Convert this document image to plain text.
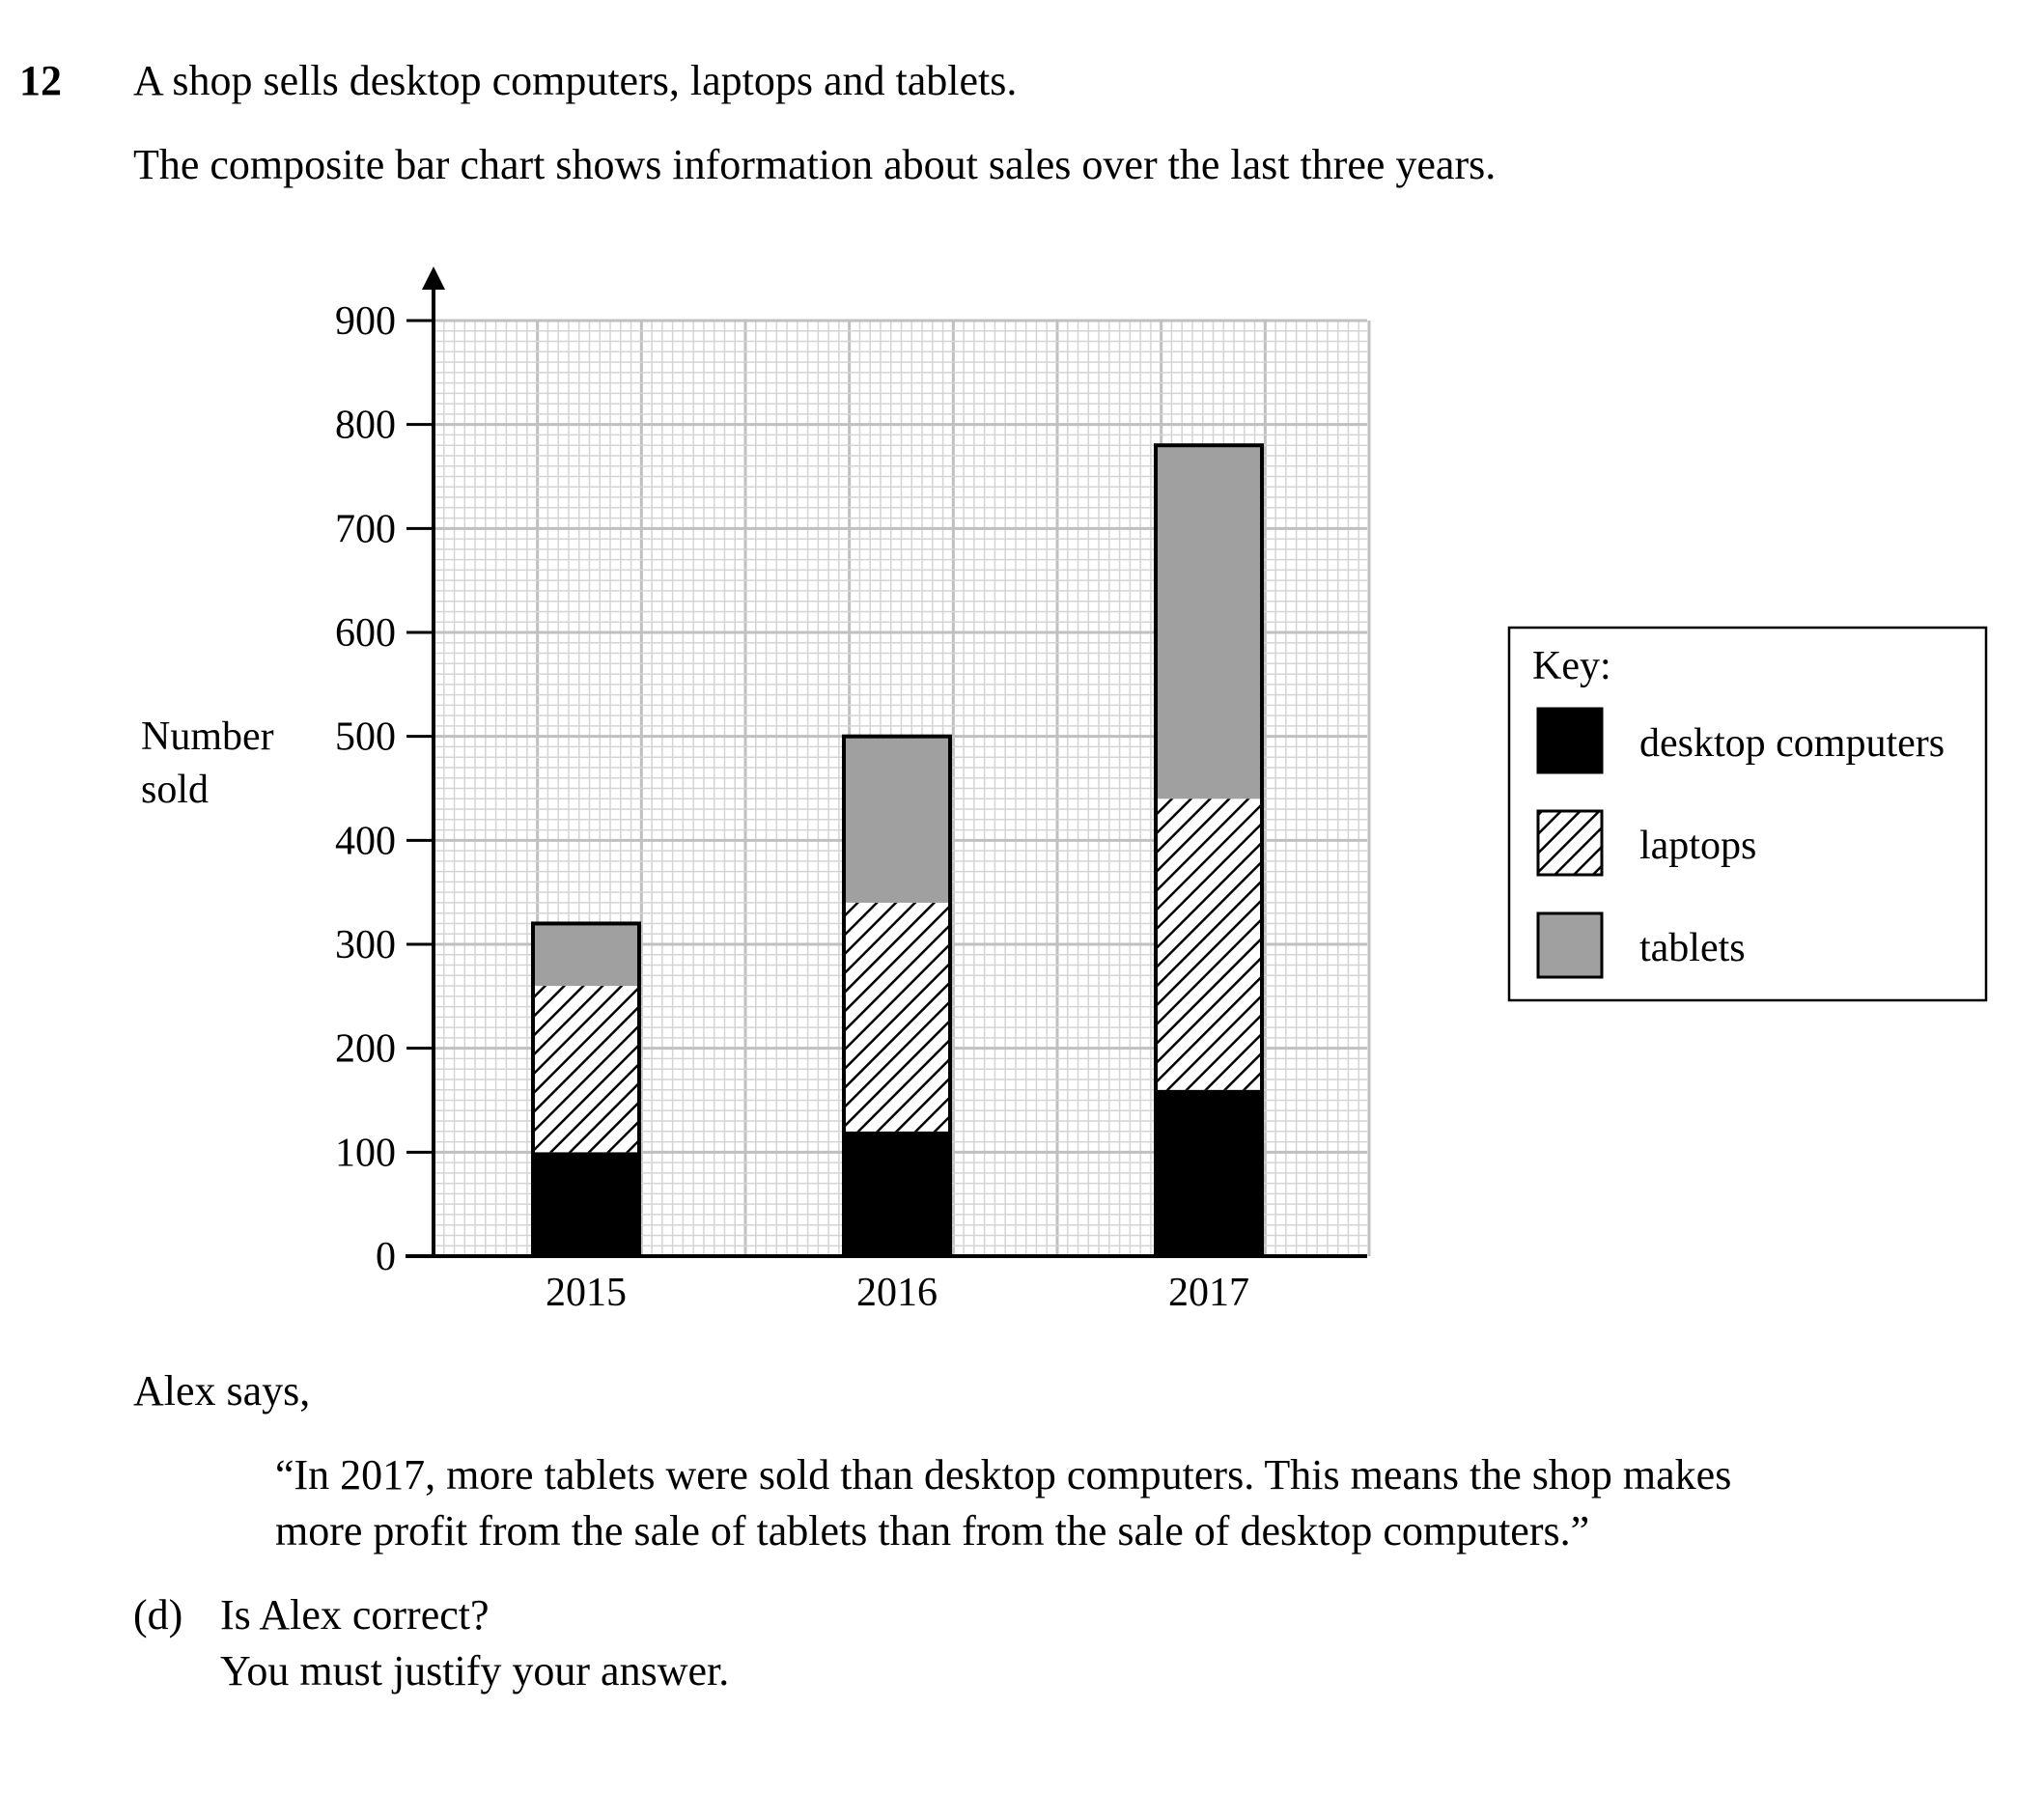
12 A shop sells desktop computers, laptops and tablets.
The composite bar chart shows information about sales over the last three years.
0
100
200
300
400
500
600
700
800
900
2015	2016	2017
Number
sold
Key:
desktop computers
laptops
tablets
Alex says,
“In 2017, more tablets were sold than desktop computers. This means the shop makes
more profit from the sale of tablets than from the sale of desktop computers.”
(d) Is Alex correct?
You must justify your answer.
